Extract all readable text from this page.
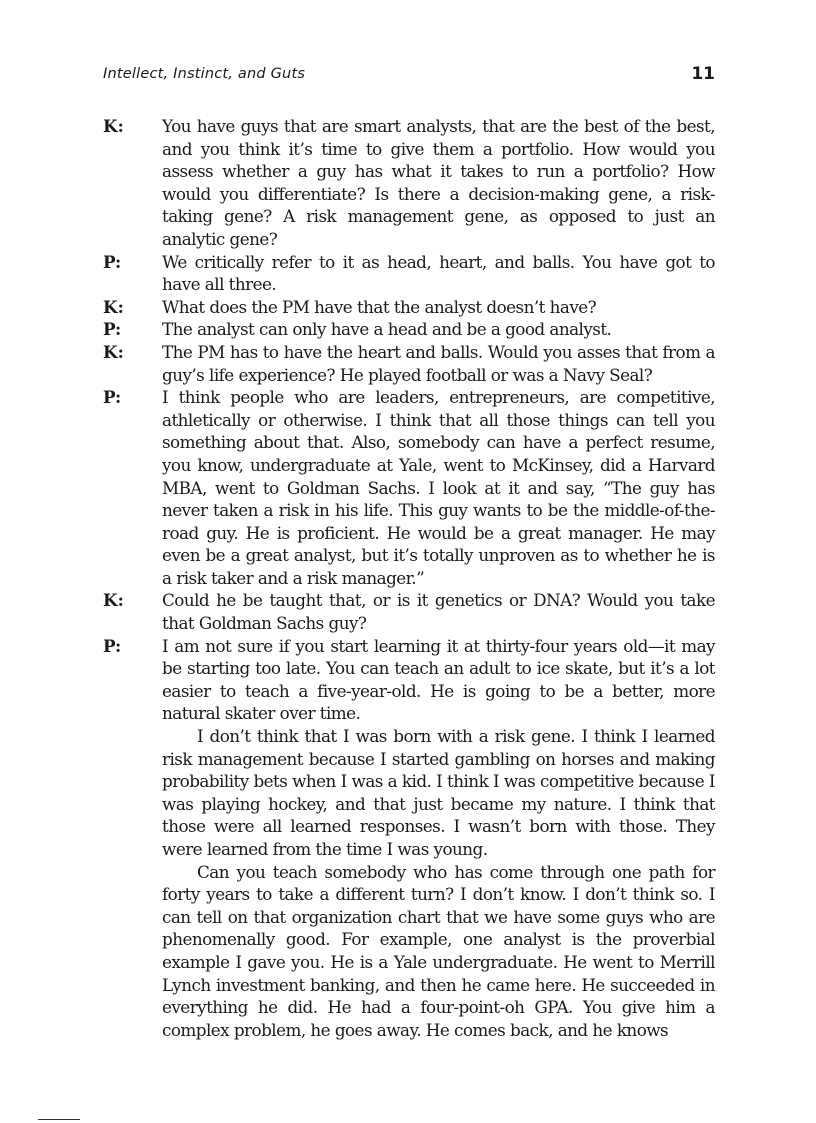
Intellect, Instinct, and Guts	11
K: You have guys that are smart analysts, that are the best of the best, and you think it’s time to give them a portfolio. How would you assess whether a guy has what it takes to run a portfolio? How would you differentiate? Is there a decision-making gene, a risk-taking gene? A risk management gene, as opposed to just an analytic gene?

P: We critically refer to it as head, heart, and balls. You have got to have all three.

K: What does the PM have that the analyst doesn’t have?

P: The analyst can only have a head and be a good analyst.

K: The PM has to have the heart and balls. Would you asses that from a guy’s life experience? He played football or was a Navy Seal?

P: I think people who are leaders, entrepreneurs, are competitive, athletically or otherwise. I think that all those things can tell you something about that. Also, somebody can have a perfect resume, you know, undergraduate at Yale, went to McKinsey, did a Harvard MBA, went to Goldman Sachs. I look at it and say, “The guy has never taken a risk in his life. This guy wants to be the middle-of-the-road guy. He is proficient. He would be a great manager. He may even be a great analyst, but it’s totally unproven as to whether he is a risk taker and a risk manager.”

K: Could he be taught that, or is it genetics or DNA? Would you take that Goldman Sachs guy?

P: I am not sure if you start learning it at thirty-four years old—it may be starting too late. You can teach an adult to ice skate, but it’s a lot easier to teach a five-year-old. He is going to be a better, more natural skater over time.

I don’t think that I was born with a risk gene. I think I learned risk management because I started gambling on horses and making probability bets when I was a kid. I think I was competitive because I was playing hockey, and that just became my nature. I think that those were all learned responses. I wasn’t born with those. They were learned from the time I was young.

Can you teach somebody who has come through one path for forty years to take a different turn? I don’t know. I don’t think so. I can tell on that organization chart that we have some guys who are phenomenally good. For example, one analyst is the proverbial example I gave you. He is a Yale undergraduate. He went to Merrill Lynch investment banking, and then he came here. He succeeded in everything he did. He had a four-point-oh GPA. You give him a complex problem, he goes away. He comes back, and he knows
